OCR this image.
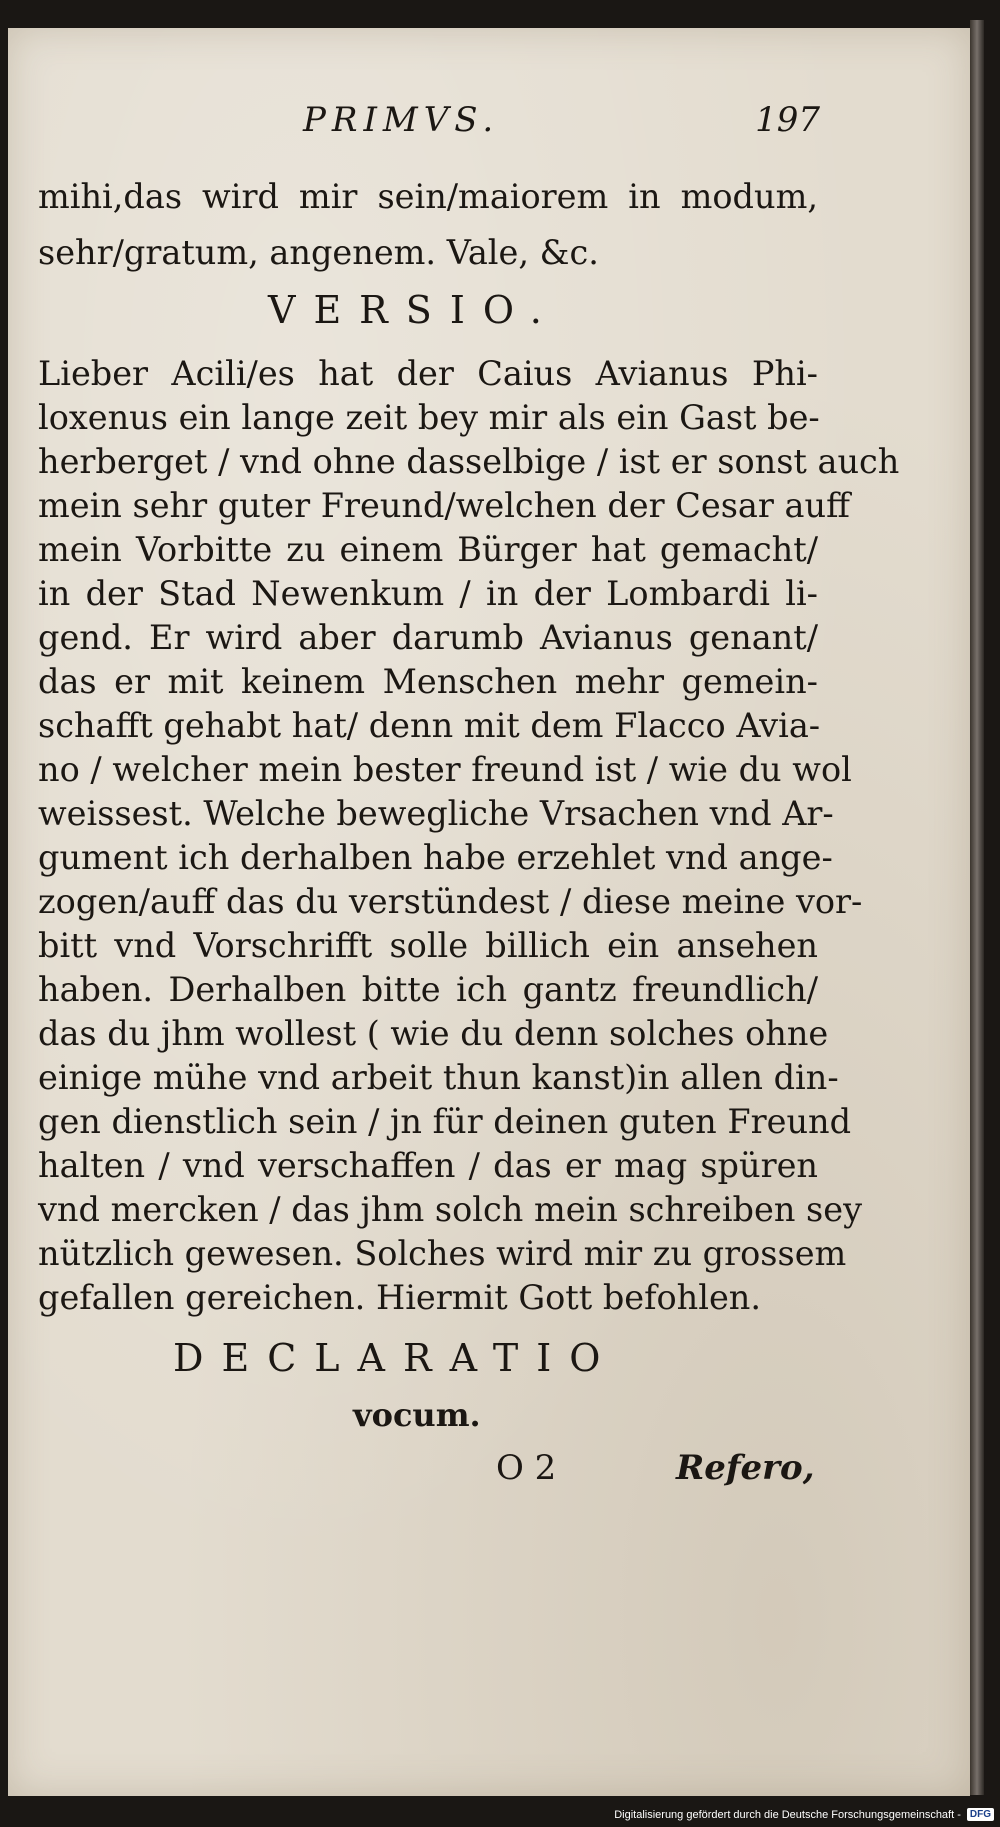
PRIMVS.	197
mihi,das wird mir sein/maiorem in modum,
sehr/gratum, angenem. Vale, &c.
VERSIO.
Lieber Acili/es hat der Caius Avianus Phi-
loxenus ein lange zeit bey mir als ein Gast be-
herberget / vnd ohne dasselbige / ist er sonst auch
mein sehr guter Freund/welchen der Cesar auff
mein Vorbitte zu einem Bürger hat gemacht/
in der Stad Newenkum / in der Lombardi li-
gend. Er wird aber darumb Avianus genant/
das er mit keinem Menschen mehr gemein-
schafft gehabt hat/ denn mit dem Flacco Avia-
no / welcher mein bester freund ist / wie du wol
weissest. Welche bewegliche Vrsachen vnd Ar-
gument ich derhalben habe erzehlet vnd ange-
zogen/auff das du verstündest / diese meine vor-
bitt vnd Vorschrifft solle billich ein ansehen
haben. Derhalben bitte ich gantz freundlich/
das du jhm wollest ( wie du denn solches ohne
einige mühe vnd arbeit thun kanst)in allen din-
gen dienstlich sein / jn für deinen guten Freund
halten / vnd verschaffen / das er mag spüren
vnd mercken / das jhm solch mein schreiben sey
nützlich gewesen. Solches wird mir zu grossem
gefallen gereichen. Hiermit Gott befohlen.
DECLARATIO
vocum.
O 2	Refero,
Digitalisierung gefördert durch die Deutsche Forschungsgemeinschaft - DFG
